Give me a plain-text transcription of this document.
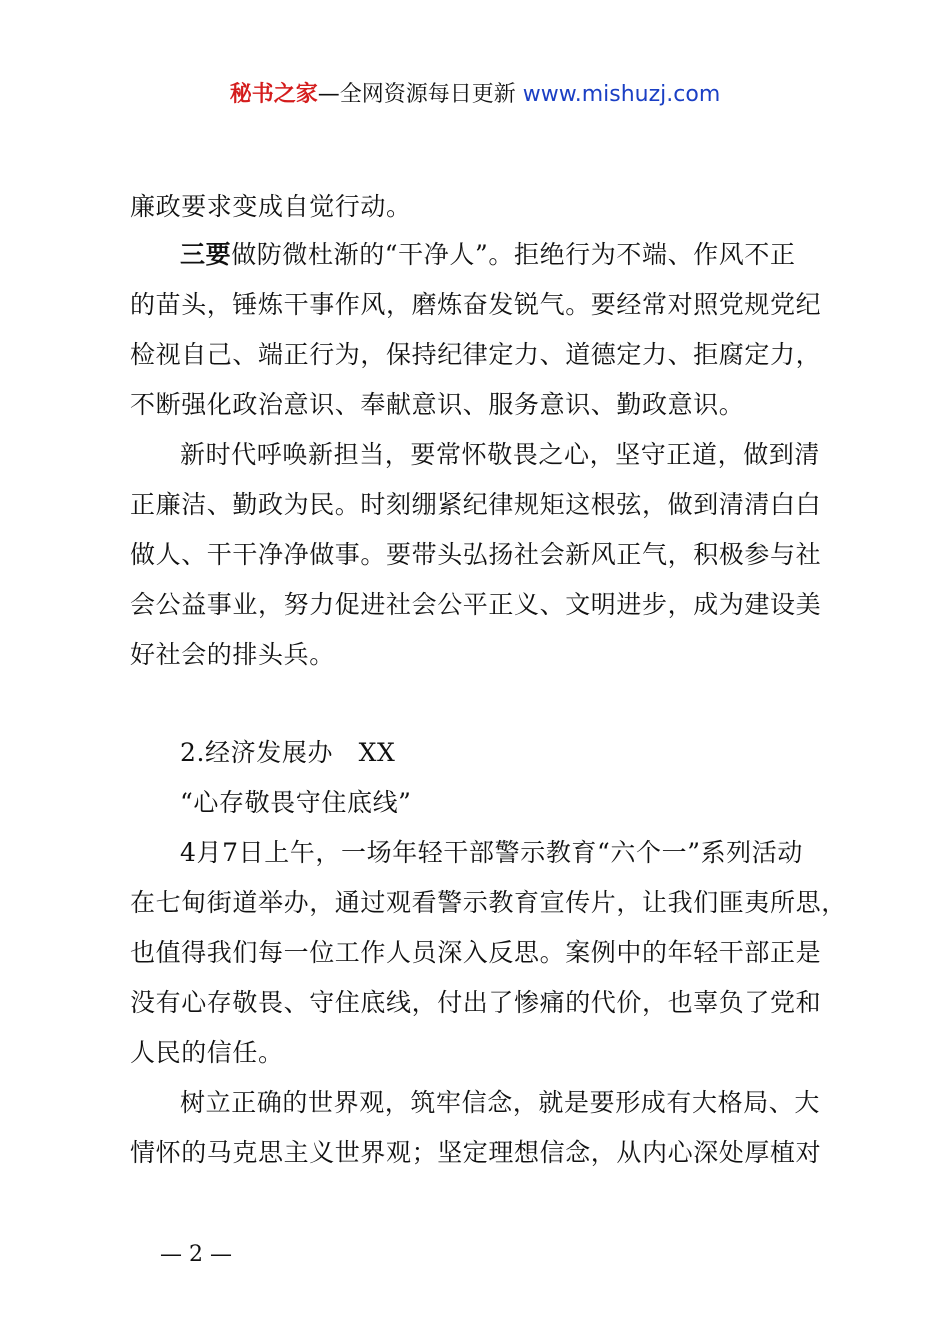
秘书之家—全网资源每日更新 www.mishuzj.com
廉政要求变成自觉行动。
三要做防微杜渐的“干净人”。拒绝行为不端、作风不正
的苗头，锤炼干事作风，磨炼奋发锐气。要经常对照党规党纪
检视自己、端正行为，保持纪律定力、道德定力、拒腐定力，
不断强化政治意识、奉献意识、服务意识、勤政意识。
新时代呼唤新担当，要常怀敬畏之心，坚守正道，做到清
正廉洁、勤政为民。时刻绷紧纪律规矩这根弦，做到清清白白
做人、干干净净做事。要带头弘扬社会新风正气，积极参与社
会公益事业，努力促进社会公平正义、文明进步，成为建设美
好社会的排头兵。
2.经济发展办　XX
“心存敬畏守住底线”
4月7日上午，一场年轻干部警示教育“六个一”系列活动
在七甸街道举办，通过观看警示教育宣传片，让我们匪夷所思，
也值得我们每一位工作人员深入反思。案例中的年轻干部正是
没有心存敬畏、守住底线，付出了惨痛的代价，也辜负了党和
人民的信任。
树立正确的世界观，筑牢信念，就是要形成有大格局、大
情怀的马克思主义世界观；坚定理想信念，从内心深处厚植对
— 2 —
